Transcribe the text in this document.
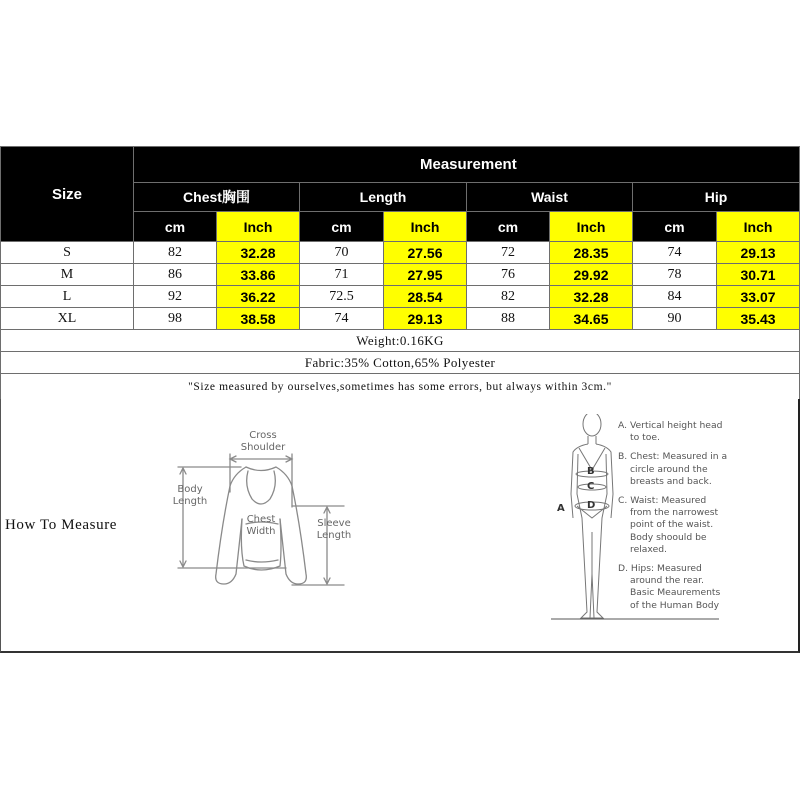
Size	Measurement							
	Chest胸围		Length		Waist		Hip	
	cm	Inch	cm	Inch	cm	Inch	cm	Inch
S	82	32.28	70	27.56	72	28.35	74	29.13
M	86	33.86	71	27.95	76	29.92	78	30.71
L	92	36.22	72.5	28.54	82	32.28	84	33.07
XL	98	38.58	74	29.13	88	34.65	90	35.43
Weight:0.16KG								
Fabric:35% Cotton,65% Polyester								
"Size measured by ourselves,sometimes has some errors, but always within 3cm."								
How To Measure
Cross
Shoulder
Body
Length
Chest
Width
Sleeve
Length
B
C
A D
A. Vertical height head
to toe.
B. Chest: Measured in a
circle around the
breasts and back.
C. Waist: Measured
from the narrowest
point of the waist.
Body shoould be
relaxed.
D. Hips: Measured
around the rear.
Basic Meaurements
of the Human Body
